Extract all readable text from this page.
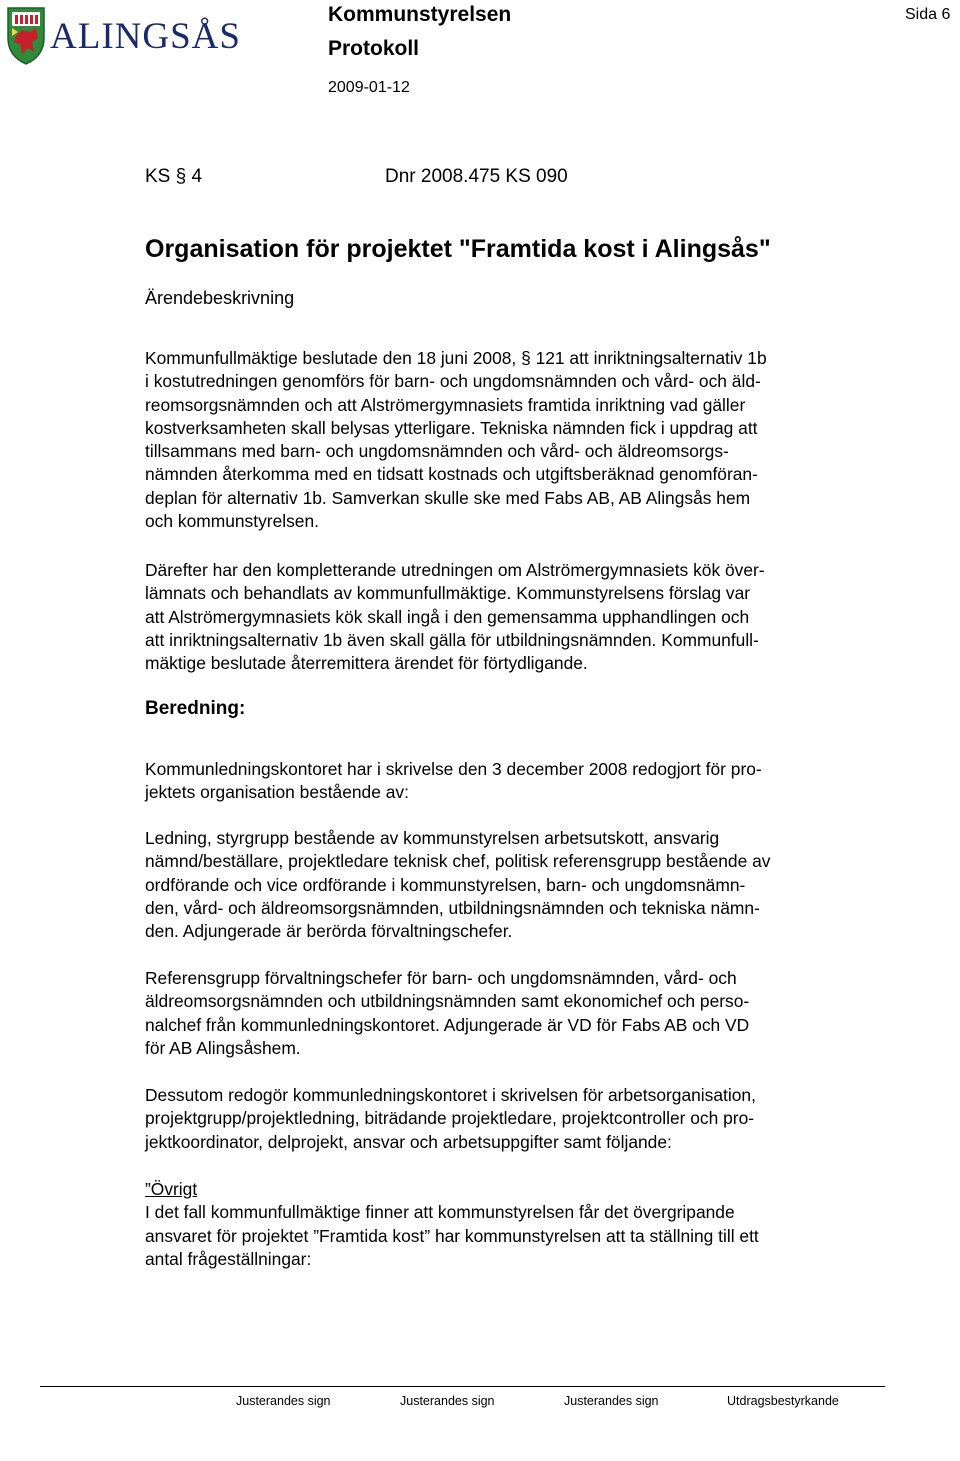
ALINGSÅS
Kommunstyrelsen
Protokoll
2009-01-12
Sida 6
KS § 4	Dnr 2008.475 KS 090
Organisation för projektet "Framtida kost i Alingsås"
Ärendebeskrivning
Kommunfullmäktige beslutade den 18 juni 2008, § 121 att inriktningsalternativ 1b
i kostutredningen genomförs för barn- och ungdomsnämnden och vård- och äld-
reomsorgsnämnden och att Alströmergymnasiets framtida inriktning vad gäller
kostverksamheten skall belysas ytterligare. Tekniska nämnden fick i uppdrag att
tillsammans med barn- och ungdomsnämnden och vård- och äldreomsorgs-
nämnden återkomma med en tidsatt kostnads och utgiftsberäknad genomföran-
deplan för alternativ 1b. Samverkan skulle ske med Fabs AB, AB Alingsås hem
och kommunstyrelsen.
Därefter har den kompletterande utredningen om Alströmergymnasiets kök över-
lämnats och behandlats av kommunfullmäktige. Kommunstyrelsens förslag var
att Alströmergymnasiets kök skall ingå i den gemensamma upphandlingen och
att inriktningsalternativ 1b även skall gälla för utbildningsnämnden. Kommunfull-
mäktige beslutade återremittera ärendet för förtydligande.
Beredning:
Kommunledningskontoret har i skrivelse den 3 december 2008 redogjort för pro-
jektets organisation bestående av:
Ledning, styrgrupp bestående av kommunstyrelsen arbetsutskott, ansvarig
nämnd/beställare, projektledare teknisk chef, politisk referensgrupp bestående av
ordförande och vice ordförande i kommunstyrelsen, barn- och ungdomsnämn-
den, vård- och äldreomsorgsnämnden, utbildningsnämnden och tekniska nämn-
den. Adjungerade är berörda förvaltningschefer.
Referensgrupp förvaltningschefer för barn- och ungdomsnämnden, vård- och
äldreomsorgsnämnden och utbildningsnämnden samt ekonomichef och perso-
nalchef från kommunledningskontoret. Adjungerade är VD för Fabs AB och VD
för AB Alingsåshem.
Dessutom redogör kommunledningskontoret i skrivelsen för arbetsorganisation,
projektgrupp/projektledning, biträdande projektledare, projektcontroller och pro-
jektkoordinator, delprojekt, ansvar och arbetsuppgifter samt följande:
”Övrigt
I det fall kommunfullmäktige finner att kommunstyrelsen får det övergripande
ansvaret för projektet ”Framtida kost” har kommunstyrelsen att ta ställning till ett
antal frågeställningar:
Justerandes sign	Justerandes sign	Justerandes sign	Utdragsbestyrkande
